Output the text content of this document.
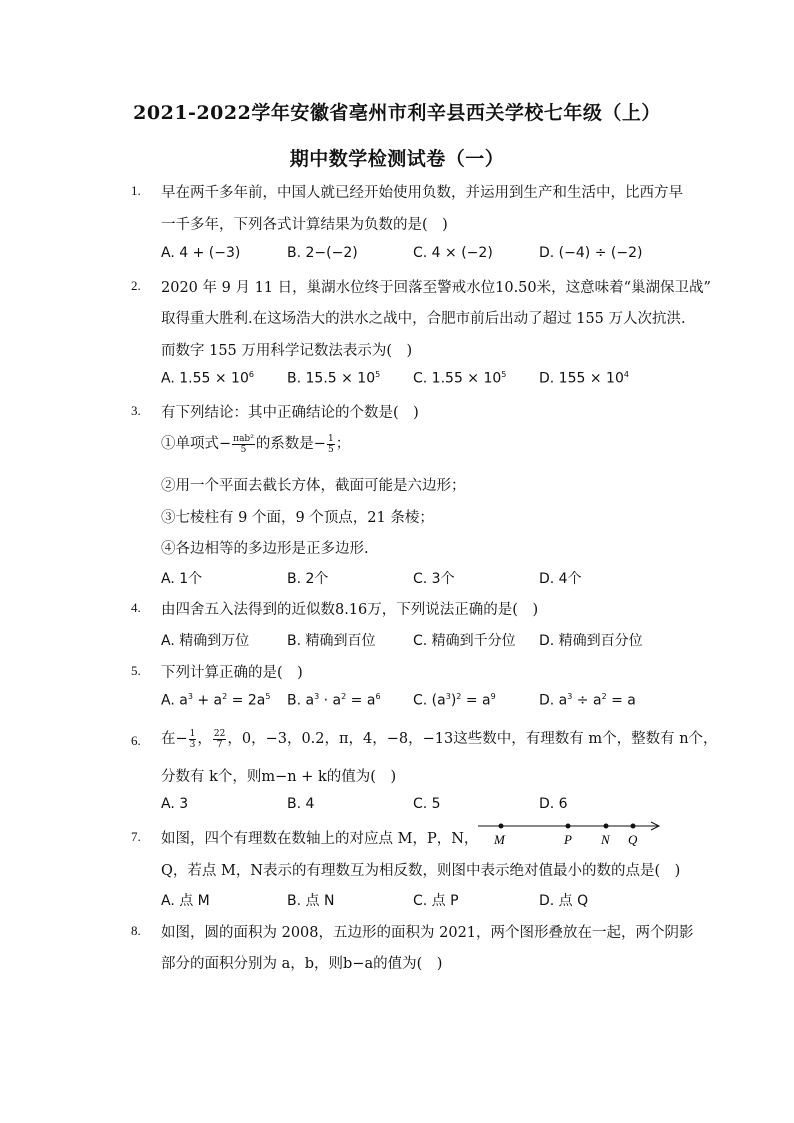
2021-2022学年安徽省亳州市利辛县西关学校七年级（上）
期中数学检测试卷（一）
1. 早在两千多年前，中国人就已经开始使用负数，并运用到生产和生活中，比西方早
一千多年，下列各式计算结果为负数的是(　)
A. 4 + (−3)	B. 2−(−2)	C. 4 × (−2)	D. (−4) ÷ (−2)
2. 2020 年 9 月 11 日，巢湖水位终于回落至警戒水位10.50米，这意味着“巢湖保卫战”
取得重大胜利.在这场浩大的洪水之战中，合肥市前后出动了超过 155 万人次抗洪.
而数字 155 万用科学记数法表示为(　)
A. $1.55 \times 10^6$ B. $15.5 \times 10^5$ C. $1.55 \times 10^5$ D. $155 \times 10^4$
3. 有下列结论：其中正确结论的个数是(　)
①单项式− $\frac{\text{πab²}}{5}$ 的系数是− $\frac{1}{5}$ ；
②用一个平面去截长方体，截面可能是六边形；
③七棱柱有 9 个面，9 个顶点，21 条棱；
④各边相等的多边形是正多边形.
A. 1个	B. 2个	C. 3个	D. 4个
4. 由四舍五入法得到的近似数8.16万，下列说法正确的是(　)
A. 精确到万位	B. 精确到百位	C. 精确到千分位 D. 精确到百分位
5. 下列计算正确的是(　)
A. $a^3 + a^2 = 2a^5$ B. $a^3 \cdot a^2 = a^6$ C. $(a^3)^2 = a^9$	D. $a^3 \div a^2 = a$
6. 在− $\frac{1}{3}$ ， $\frac{22}{7}$ ，0，−3，0.2，π，4，−8，−13这些数中，有理数有 m个，整数有 n个，
分数有 k个，则m−n + k的值为(　)
A. 3	B. 4	C. 5	D. 6
7. 如图，四个有理数在数轴上的对应点 M，P，N， M	P N Q
Q，若点 M，N表示的有理数互为相反数，则图中表示绝对值最小的数的点是(　)
A. 点 M	B. 点 N	C. 点 P	D. 点 Q
8. 如图，圆的面积为 2008，五边形的面积为 2021，两个图形叠放在一起，两个阴影
部分的面积分别为 a，b，则b−a的值为(　)
